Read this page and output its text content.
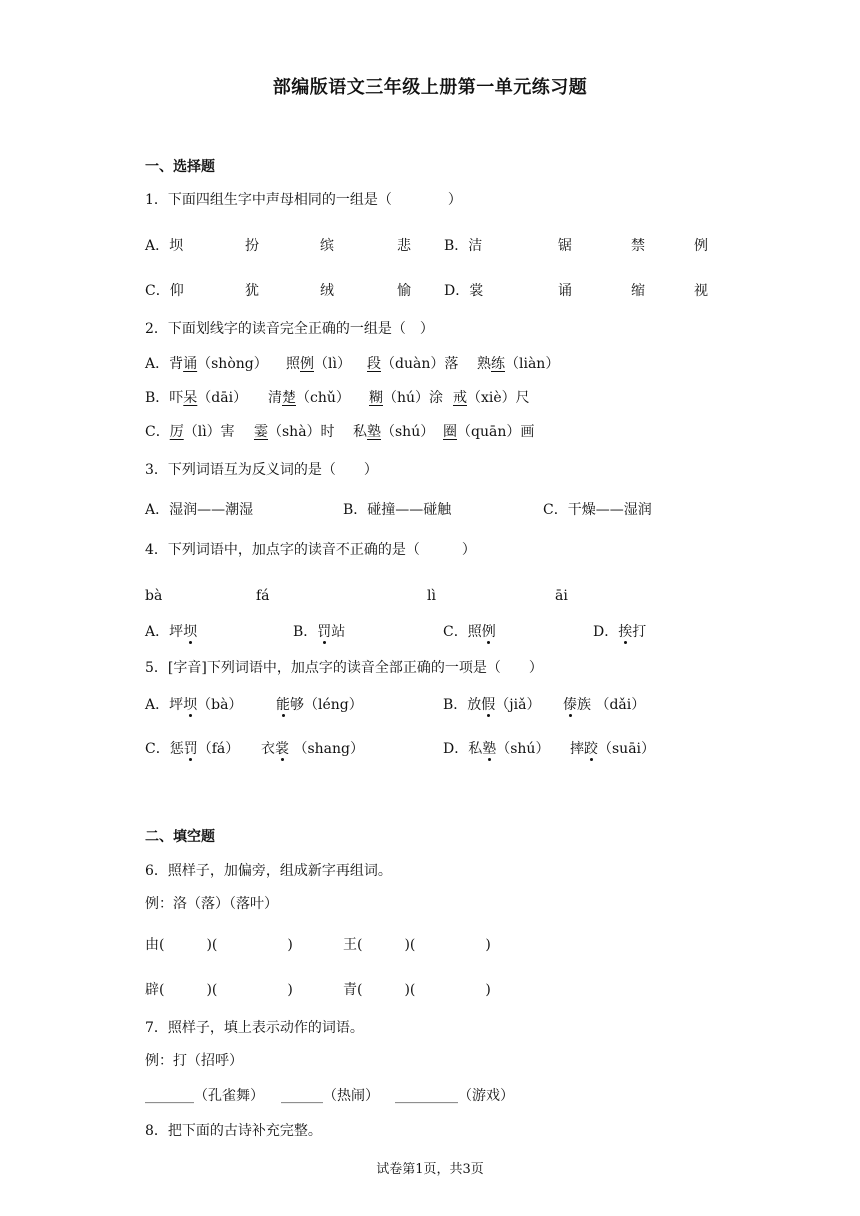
部编版语文三年级上册第一单元练习题
一、选择题
1．下面四组生字中声母相同的一组是（　　　　）
A．坝	扮	缤	悲 B．洁	锯	禁	例
C．仰	犹	绒	愉 D．裳	诵	缩	视
2．下面划线字的读音完全正确的一组是（　）
A．背诵（shòng） 照例（lì） 段（duàn）落 熟练（liàn）
B．吓呆（dāi） 清楚（chǔ） 糊（hú）涂 戒（xiè）尺
C．厉（lì）害 霎（shà）时 私塾（shú） 圈（quān）画
3．下列词语互为反义词的是（　　）
A．湿润——潮湿	B．碰撞——碰触	C．干燥——湿润
4．下列词语中，加点字的读音不正确的是（　　　）
bà	fá	lì	āi
A．坪坝	B．罚站	C．照例	D．挨打
5．[字音]下列词语中，加点字的读音全部正确的一项是（　　）
A．坪坝（bà） 能够（léng）	B．放假（jiǎ） 傣族 （dǎi）
C．惩罚（fá） 衣裳 （shang）	D．私塾（shú） 摔跤（suāi）
二、填空题
6．照样子，加偏旁，组成新字再组词。
例：洛（落）（落叶）
由(　　　)(　　　　　)	王(　　　)(　　　　　)
辟(　　　)(　　　　　)	青(　　　)(　　　　　)
7．照样子，填上表示动作的词语。
例：打（招呼）
_______（孔雀舞） ______（热闹） _________（游戏）
8．把下面的古诗补充完整。
试卷第1页，共3页
